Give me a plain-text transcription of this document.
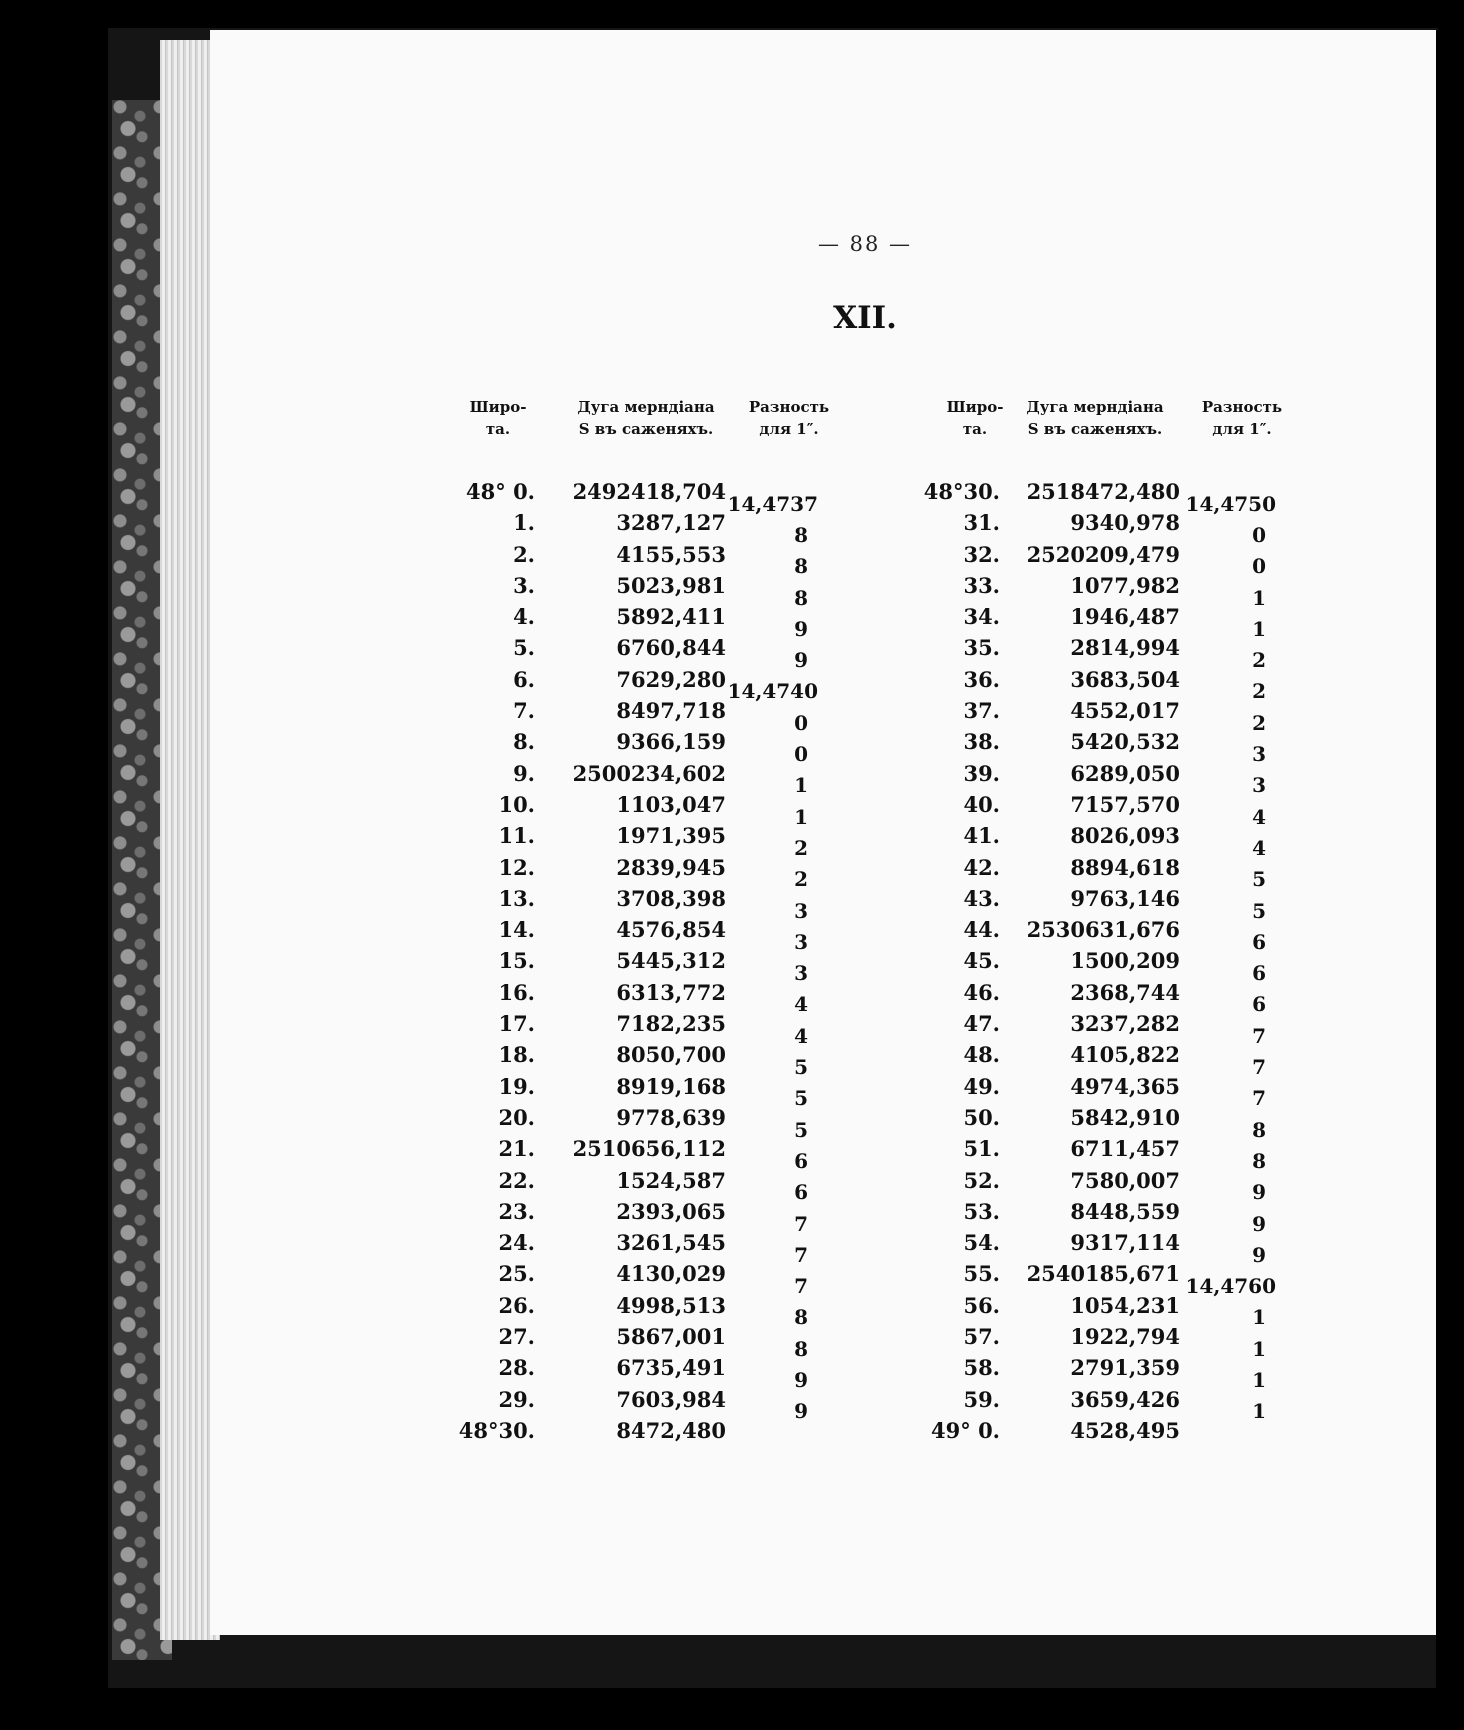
— 88 —
XII.
Широ-
та.
Дуга мерндіана
S въ саженяхъ.
Разность
для 1″.
Широ-
та.
Дуга мерндіана
S въ саженяхъ.
Разность
для 1″.
48° 0.
1.
2.
3.
4.
5.
6.
7.
8.
9.
10.
11.
12.
13.
14.
15.
16.
17.
18.
19.
20.
21.
22.
23.
24.
25.
26.
27.
28.
29.
48°30.
2492418,704
3287,127
4155,553
5023,981
5892,411
6760,844
7629,280
8497,718
9366,159
2500234,602
1103,047
1971,395
2839,945
3708,398
4576,854
5445,312
6313,772
7182,235
8050,700
8919,168
9778,639
2510656,112
1524,587
2393,065
3261,545
4130,029
4998,513
5867,001
6735,491
7603,984
8472,480
14,4737
8
8
8
9
9
14,4740
0
0
1
1
2
2
3
3
3
4
4
5
5
5
6
6
7
7
7
8
8
9
9
48°30.
31.
32.
33.
34.
35.
36.
37.
38.
39.
40.
41.
42.
43.
44.
45.
46.
47.
48.
49.
50.
51.
52.
53.
54.
55.
56.
57.
58.
59.
49° 0.
2518472,480
9340,978
2520209,479
1077,982
1946,487
2814,994
3683,504
4552,017
5420,532
6289,050
7157,570
8026,093
8894,618
9763,146
2530631,676
1500,209
2368,744
3237,282
4105,822
4974,365
5842,910
6711,457
7580,007
8448,559
9317,114
2540185,671
1054,231
1922,794
2791,359
3659,426
4528,495
14,4750
0
0
1
1
2
2
2
3
3
4
4
5
5
6
6
6
7
7
7
8
8
9
9
9
14,4760
1
1
1
1
